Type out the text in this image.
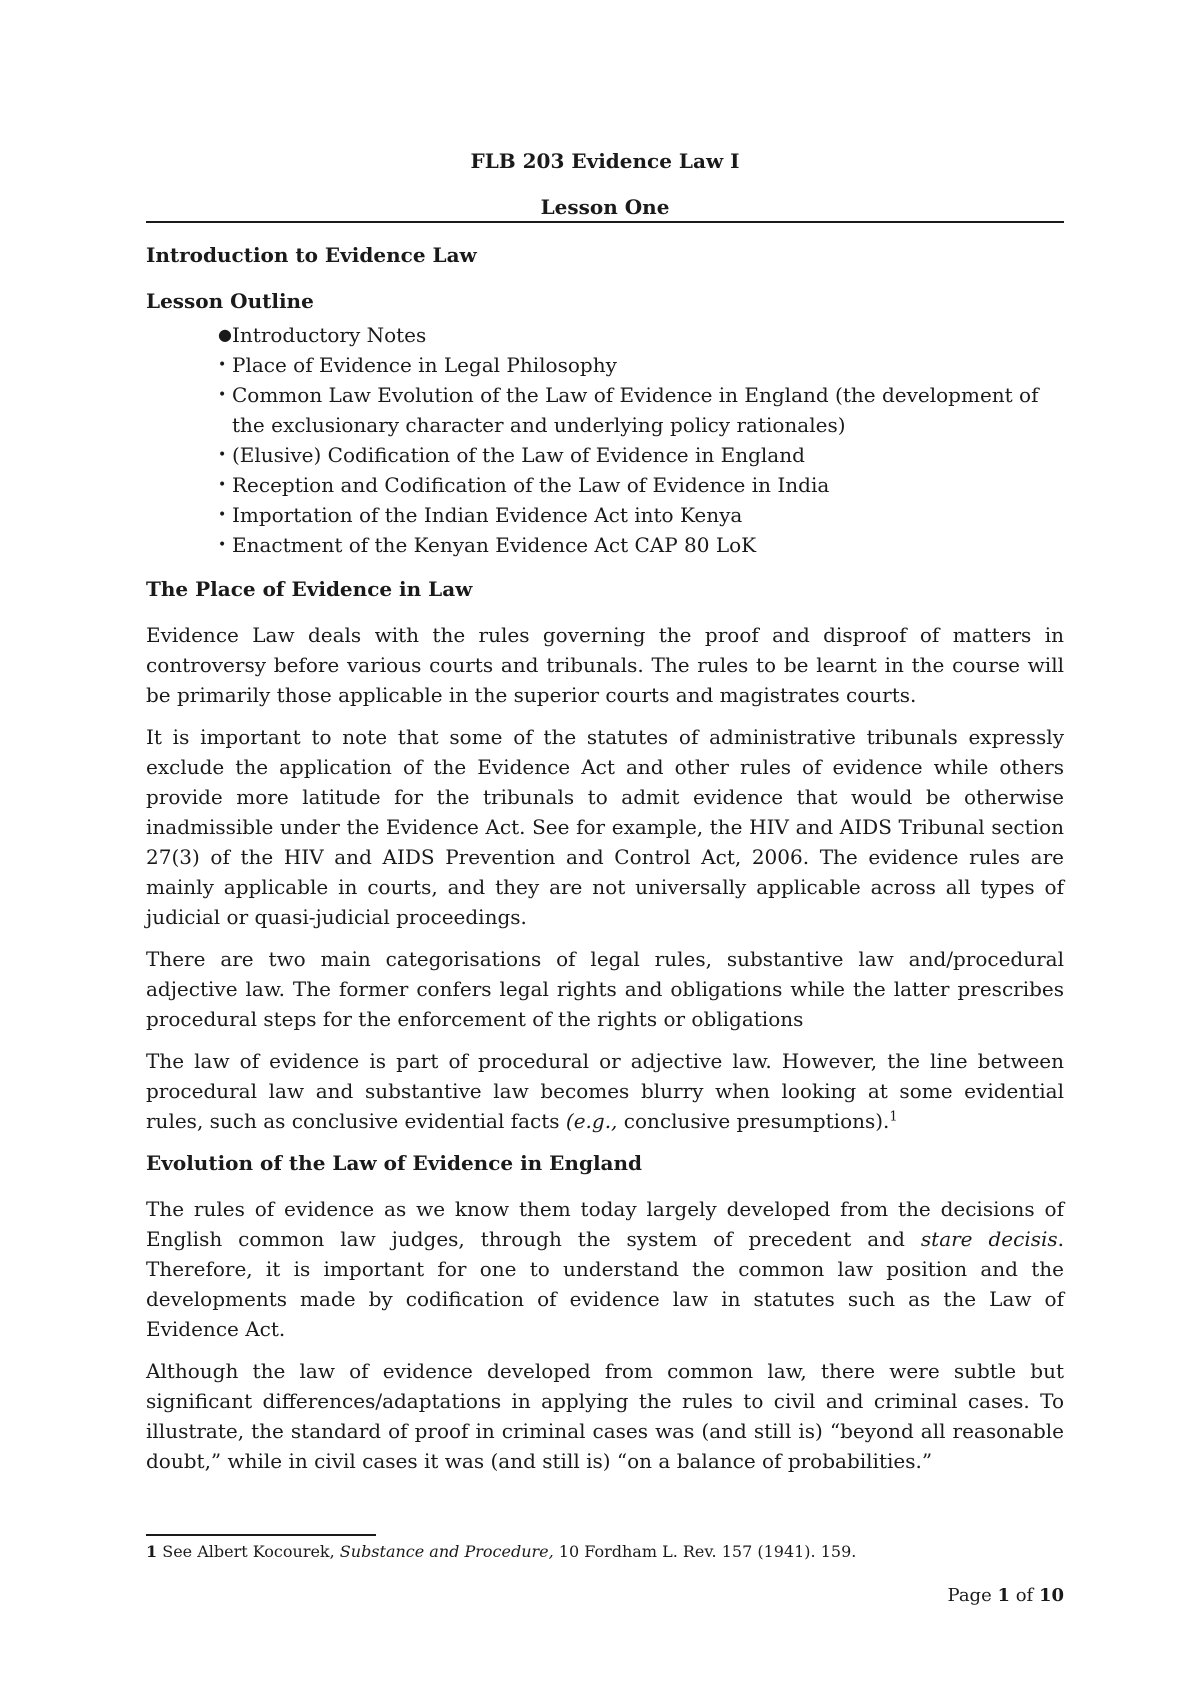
FLB 203 Evidence Law I
Lesson One
Introduction to Evidence Law
Lesson Outline
● Introductory Notes
• Place of Evidence in Legal Philosophy
• Common Law Evolution of the Law of Evidence in England (the development of the exclusionary character and underlying policy rationales)
• (Elusive) Codification of the Law of Evidence in England
• Reception and Codification of the Law of Evidence in India
• Importation of the Indian Evidence Act into Kenya
• Enactment of the Kenyan Evidence Act CAP 80 LoK
The Place of Evidence in Law

Evidence Law deals with the rules governing the proof and disproof of matters in controversy before various courts and tribunals. The rules to be learnt in the course will be primarily those applicable in the superior courts and magistrates courts.

It is important to note that some of the statutes of administrative tribunals expressly exclude the application of the Evidence Act and other rules of evidence while others provide more latitude for the tribunals to admit evidence that would be otherwise inadmissible under the Evidence Act. See for example, the HIV and AIDS Tribunal section 27(3) of the HIV and AIDS Prevention and Control Act, 2006. The evidence rules are mainly applicable in courts, and they are not universally applicable across all types of judicial or quasi-judicial proceedings.

There are two main categorisations of legal rules, substantive law and/procedural adjective law. The former confers legal rights and obligations while the latter prescribes procedural steps for the enforcement of the rights or obligations

The law of evidence is part of procedural or adjective law. However, the line between procedural law and substantive law becomes blurry when looking at some evidential rules, such as conclusive evidential facts (e.g., conclusive presumptions).$^1$

Evolution of the Law of Evidence in England

The rules of evidence as we know them today largely developed from the decisions of English common law judges, through the system of precedent and stare decisis. Therefore, it is important for one to understand the common law position and the developments made by codification of evidence law in statutes such as the Law of Evidence Act.

Although the law of evidence developed from common law, there were subtle but significant differences/adaptations in applying the rules to civil and criminal cases. To illustrate, the standard of proof in criminal cases was (and still is) “beyond all reasonable doubt,” while in civil cases it was (and still is) “on a balance of probabilities.”

1 See Albert Kocourek, Substance and Procedure, 10 Fordham L. Rev. 157 (1941). 159.
Page 1 of 10
